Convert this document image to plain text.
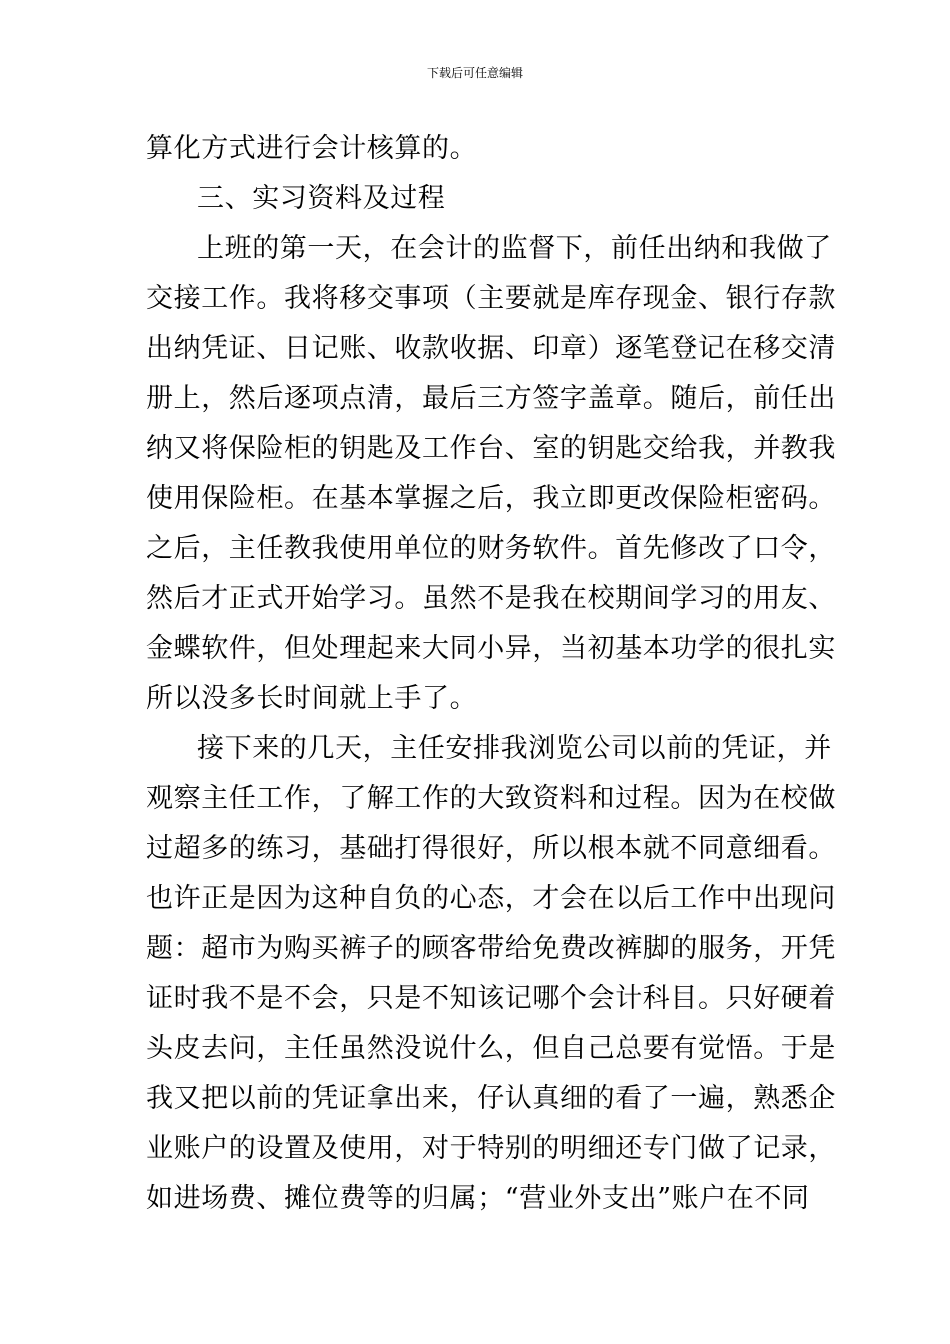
下载后可任意编辑
算化方式进行会计核算的。
三、实习资料及过程
上班的第一天，在会计的监督下，前任出纳和我做了
交接工作。我将移交事项（主要就是库存现金、银行存款
出纳凭证、日记账、收款收据、印章）逐笔登记在移交清
册上，然后逐项点清，最后三方签字盖章。随后，前任出
纳又将保险柜的钥匙及工作台、室的钥匙交给我，并教我
使用保险柜。在基本掌握之后，我立即更改保险柜密码。
之后，主任教我使用单位的财务软件。首先修改了口令，
然后才正式开始学习。虽然不是我在校期间学习的用友、
金蝶软件，但处理起来大同小异，当初基本功学的很扎实
所以没多长时间就上手了。
接下来的几天，主任安排我浏览公司以前的凭证，并
观察主任工作，了解工作的大致资料和过程。因为在校做
过超多的练习，基础打得很好，所以根本就不同意细看。
也许正是因为这种自负的心态，才会在以后工作中出现问
题：超市为购买裤子的顾客带给免费改裤脚的服务，开凭
证时我不是不会，只是不知该记哪个会计科目。只好硬着
头皮去问，主任虽然没说什么，但自己总要有觉悟。于是
我又把以前的凭证拿出来，仔认真细的看了一遍，熟悉企
业账户的设置及使用，对于特别的明细还专门做了记录，
如进场费、摊位费等的归属；“营业外支出”账户在不同
